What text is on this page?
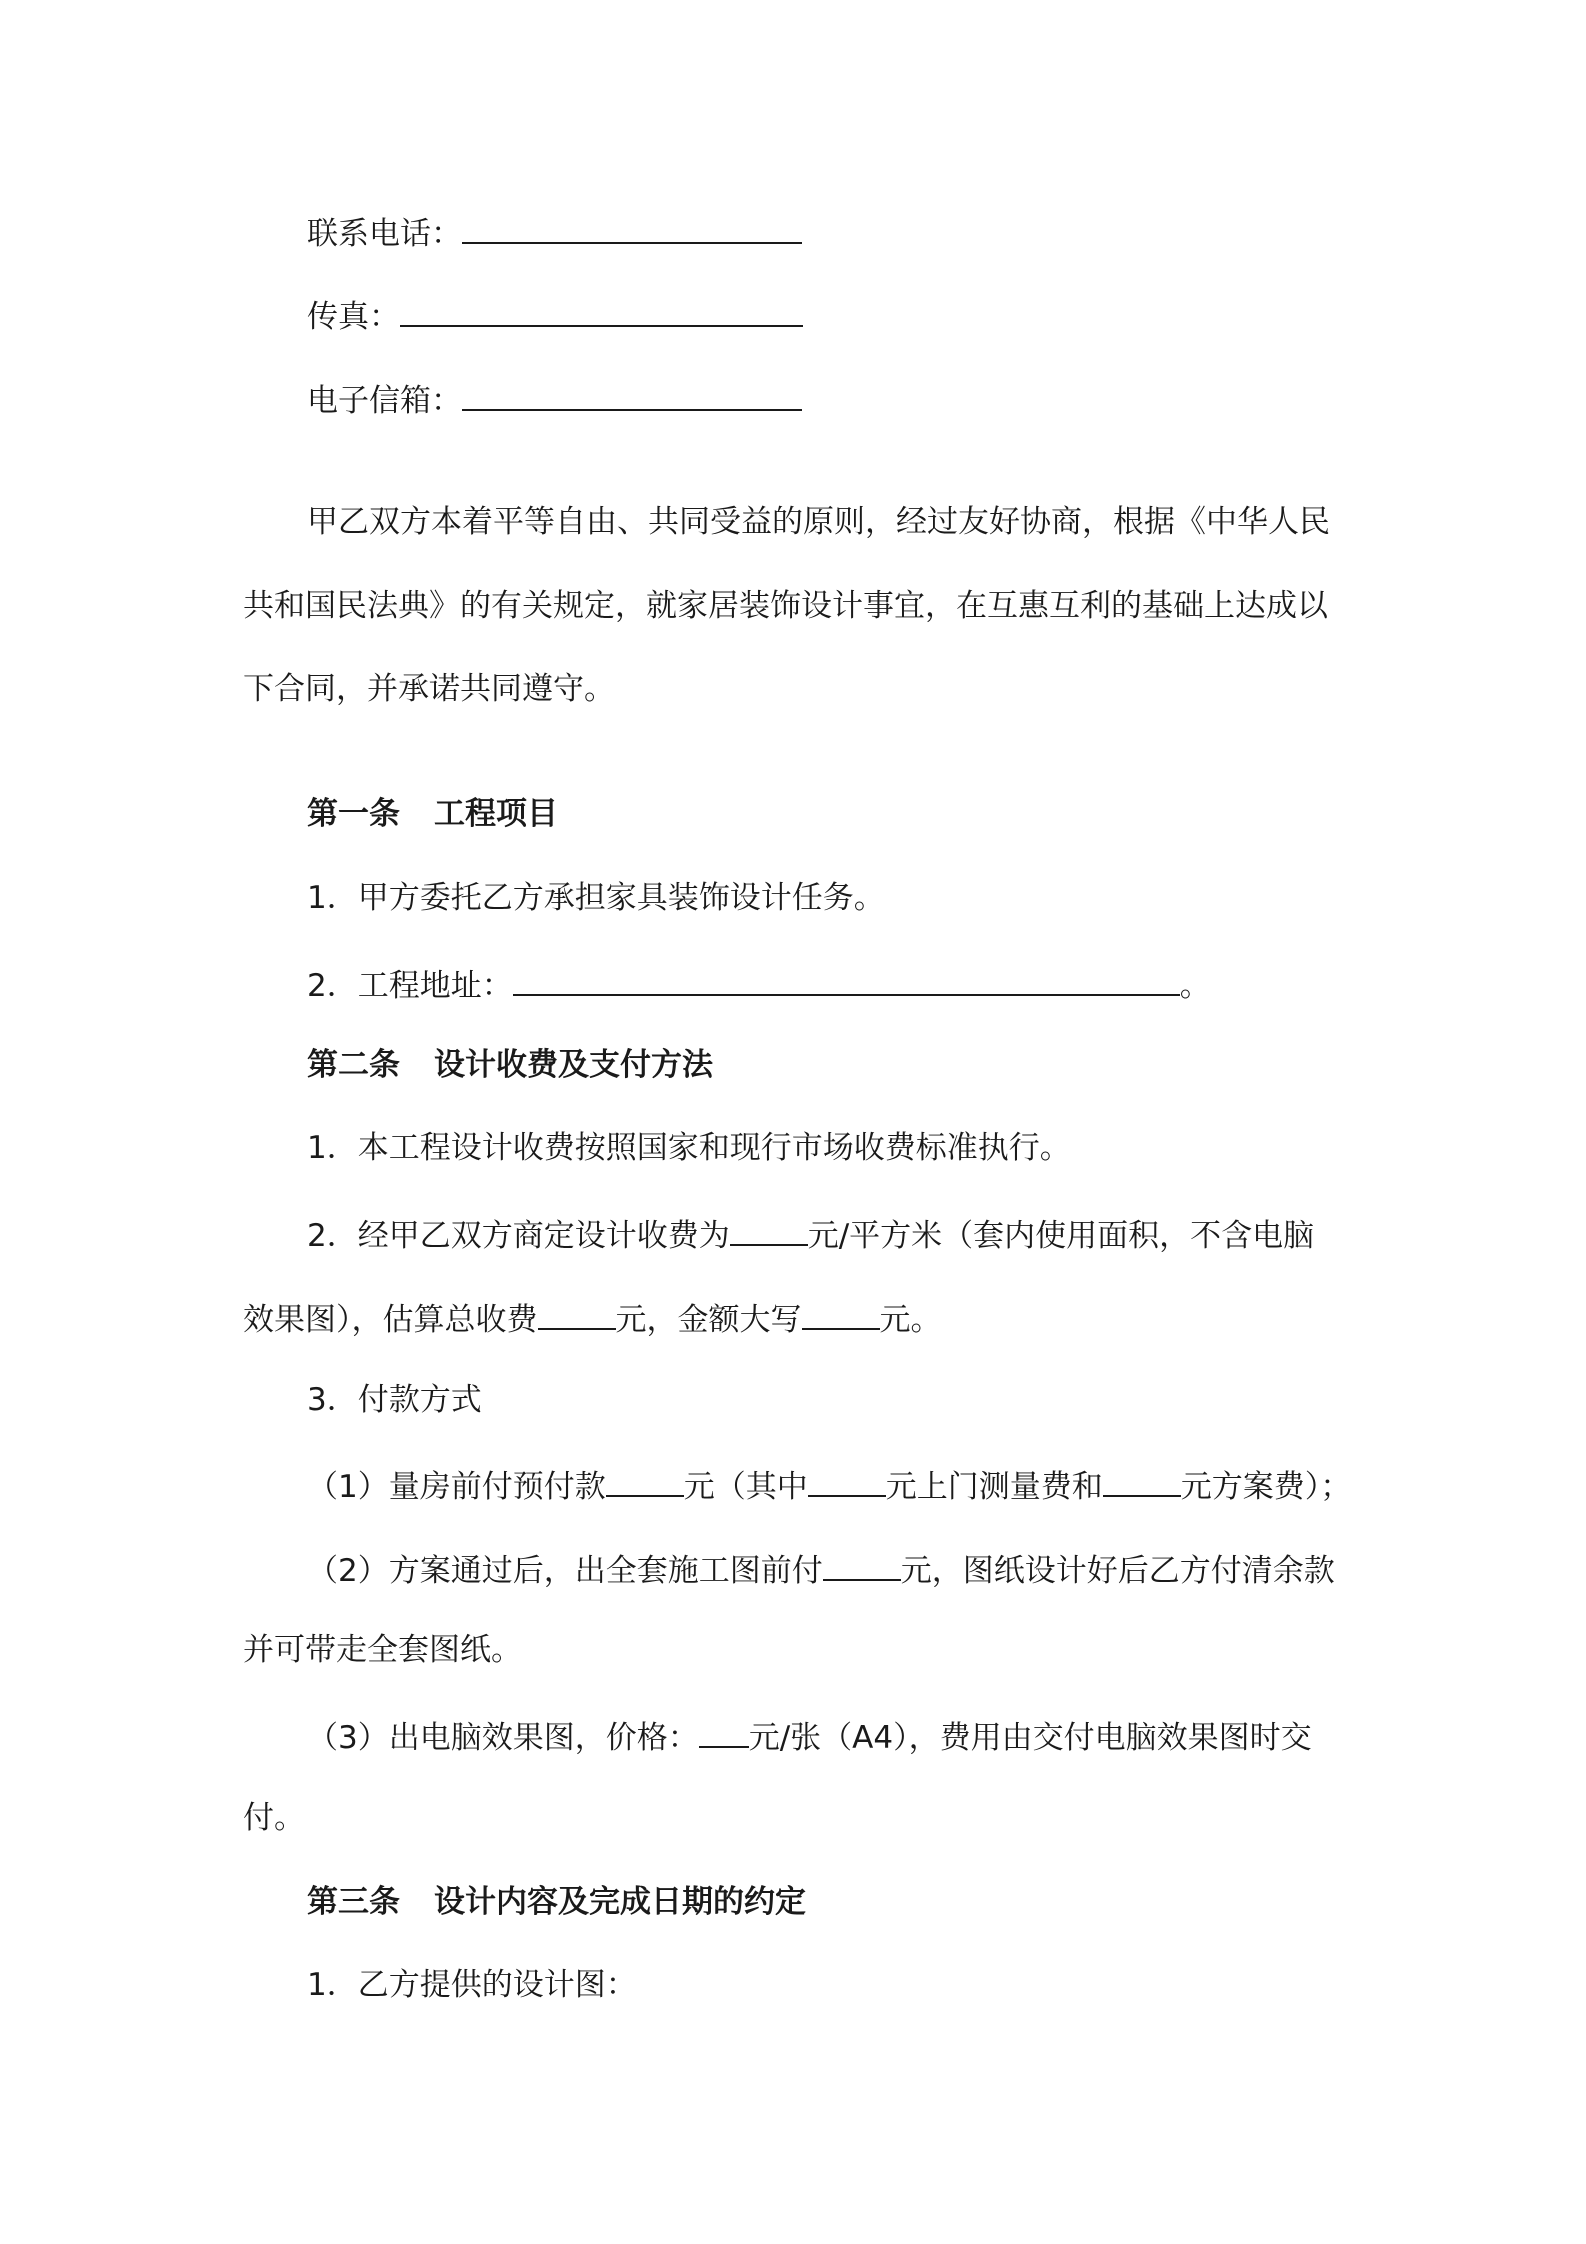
联系电话：
传真：
电子信箱：
甲乙双方本着平等自由、共同受益的原则，经过友好协商，根据《中华人民
共和国民法典》的有关规定，就家居装饰设计事宜，在互惠互利的基础上达成以
下合同，并承诺共同遵守。
第一条 工程项目
1．甲方委托乙方承担家具装饰设计任务。
2．工程地址：	。
第二条 设计收费及支付方法
1．本工程设计收费按照国家和现行市场收费标准执行。
2．经甲乙双方商定设计收费为	元/平方米（套内使用面积，不含电脑
效果图），估算总收费	元，金额大写	元。
3．付款方式
（1）量房前付预付款	元（其中	元上门测量费和	元方案费）；
（2）方案通过后，出全套施工图前付	元，图纸设计好后乙方付清余款
并可带走全套图纸。
（3）出电脑效果图，价格： 元/张（A4），费用由交付电脑效果图时交
付。
第三条 设计内容及完成日期的约定
1．乙方提供的设计图：
